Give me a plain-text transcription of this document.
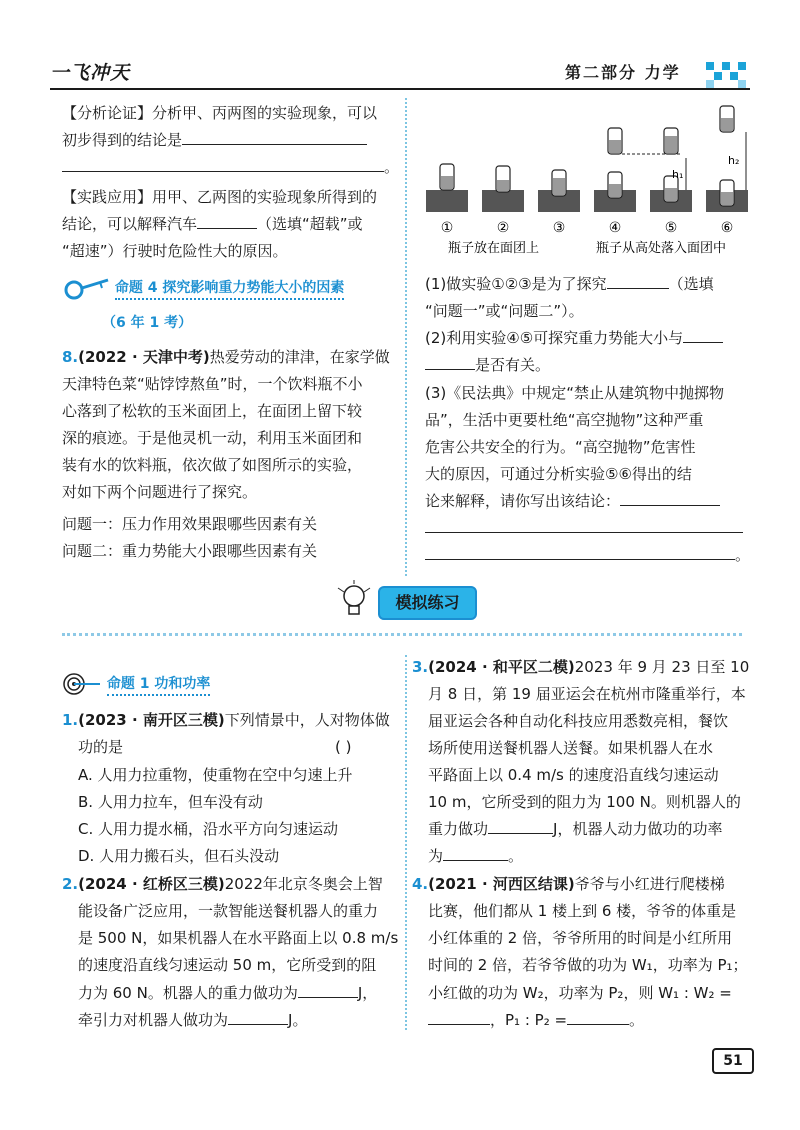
一飞冲天	第二部分 力学
【分析论证】分析甲、丙两图的实验现象，可以
初步得到的结论是
。
【实践应用】用甲、乙两图的实验现象所得到的
结论，可以解释汽车	（选填“超载”或
“超速”）行驶时危险性大的原因。
命题 4 探究影响重力势能大小的因素
（6 年 1 考）
8.(2022 · 天津中考)热爱劳动的津津，在家学做
天津特色菜“贴饽饽熬鱼”时，一个饮料瓶不小
心落到了松软的玉米面团上，在面团上留下较
深的痕迹。于是他灵机一动，利用玉米面团和
装有水的饮料瓶，依次做了如图所示的实验，
对如下两个问题进行了探究。
问题一：压力作用效果跟哪些因素有关
问题二：重力势能大小跟哪些因素有关
h₁
h₂
①	②	③	④	⑤	⑥
瓶子放在面团上	瓶子从高处落入面团中
(1)做实验①②③是为了探究	（选填
“问题一”或“问题二”）。
(2)利用实验④⑤可探究重力势能大小与
是否有关。
(3)《民法典》中规定“禁止从建筑物中抛掷物
品”，生活中更要杜绝“高空抛物”这种严重
危害公共安全的行为。“高空抛物”危害性
大的原因，可通过分析实验⑤⑥得出的结
论来解释，请你写出该结论：
。
模拟练习
命题 1 功和功率
1.(2023 · 南开区三模)下列情景中，人对物体做
功的是	( )
A. 人用力拉重物，使重物在空中匀速上升
B. 人用力拉车，但车没有动
C. 人用力提水桶，沿水平方向匀速运动
D. 人用力搬石头，但石头没动
2.(2024 · 红桥区三模)2022年北京冬奥会上智
能设备广泛应用，一款智能送餐机器人的重力
是 500 N，如果机器人在水平路面上以 0.8 m/s
的速度沿直线匀速运动 50 m，它所受到的阻
力为 60 N。机器人的重力做功为	J，
牵引力对机器人做功为	J。
3.(2024 · 和平区二模)2023 年 9 月 23 日至 10
月 8 日，第 19 届亚运会在杭州市隆重举行，本
届亚运会各种自动化科技应用悉数亮相，餐饮
场所使用送餐机器人送餐。如果机器人在水
平路面上以 0.4 m/s 的速度沿直线匀速运动
10 m，它所受到的阻力为 100 N。则机器人的
重力做功	J，机器人动力做功的功率
为	。
4.(2021 · 河西区结课)爷爷与小红进行爬楼梯
比赛，他们都从 1 楼上到 6 楼，爷爷的体重是
小红体重的 2 倍，爷爷所用的时间是小红所用
时间的 2 倍，若爷爷做的功为 W₁，功率为 P₁；
小红做的功为 W₂，功率为 P₂，则 W₁ : W₂ =
，P₁ : P₂ =	。
51
